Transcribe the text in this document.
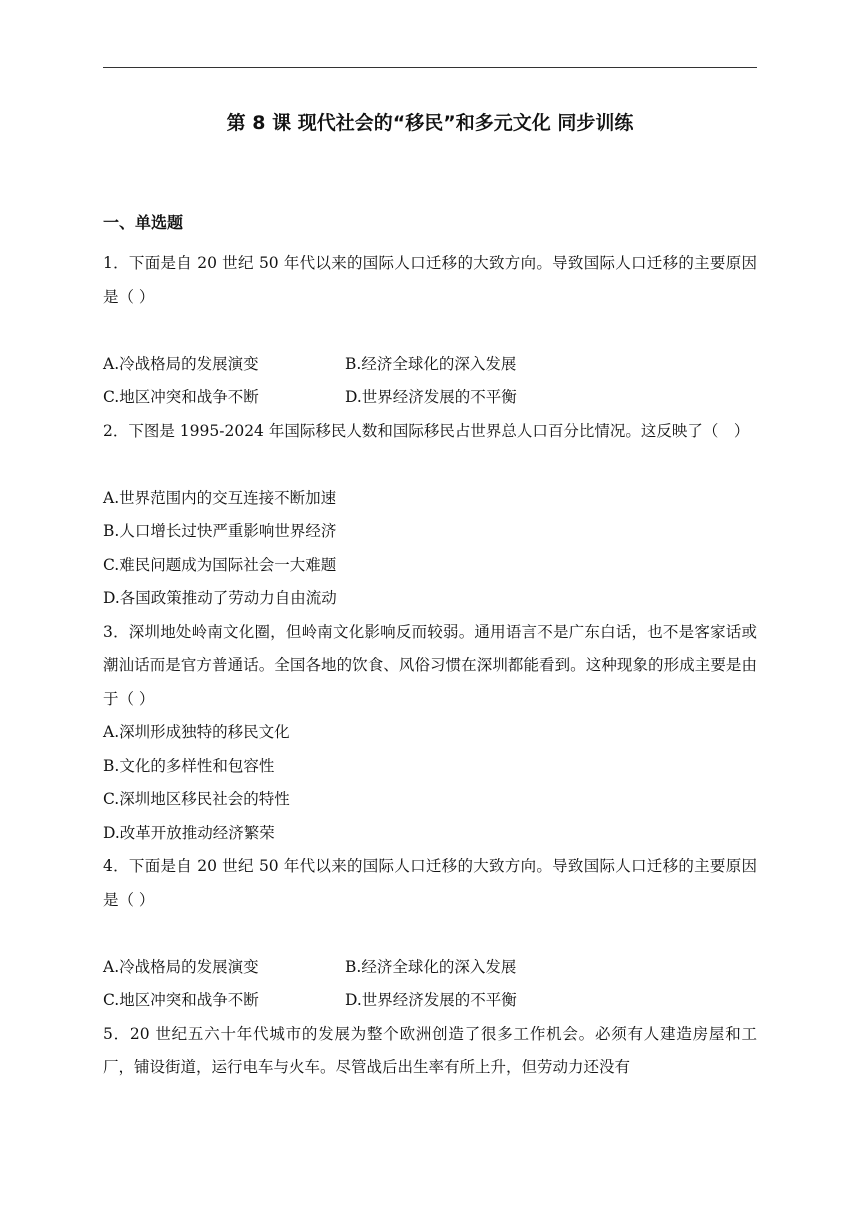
第 8 课 现代社会的“移民”和多元文化 同步训练
一、单选题

1．下面是自 20 世纪 50 年代以来的国际人口迁移的大致方向。导致国际人口迁移的主要原因是（ ）

A.冷战格局的发展演变	B.经济全球化的深入发展
C.地区冲突和战争不断	D.世界经济发展的不平衡

2．下图是 1995-2024 年国际移民人数和国际移民占世界总人口百分比情况。这反映了（　）

A.世界范围内的交互连接不断加速

B.人口增长过快严重影响世界经济

C.难民问题成为国际社会一大难题

D.各国政策推动了劳动力自由流动

3．深圳地处岭南文化圈，但岭南文化影响反而较弱。通用语言不是广东白话，也不是客家话或潮汕话而是官方普通话。全国各地的饮食、风俗习惯在深圳都能看到。这种现象的形成主要是由于（ ）

A.深圳形成独特的移民文化

B.文化的多样性和包容性

C.深圳地区移民社会的特性

D.改革开放推动经济繁荣

4．下面是自 20 世纪 50 年代以来的国际人口迁移的大致方向。导致国际人口迁移的主要原因是（ ）

A.冷战格局的发展演变	B.经济全球化的深入发展
C.地区冲突和战争不断	D.世界经济发展的不平衡

5．20 世纪五六十年代城市的发展为整个欧洲创造了很多工作机会。必须有人建造房屋和工厂，铺设街道，运行电车与火车。尽管战后出生率有所上升，但劳动力还没有
